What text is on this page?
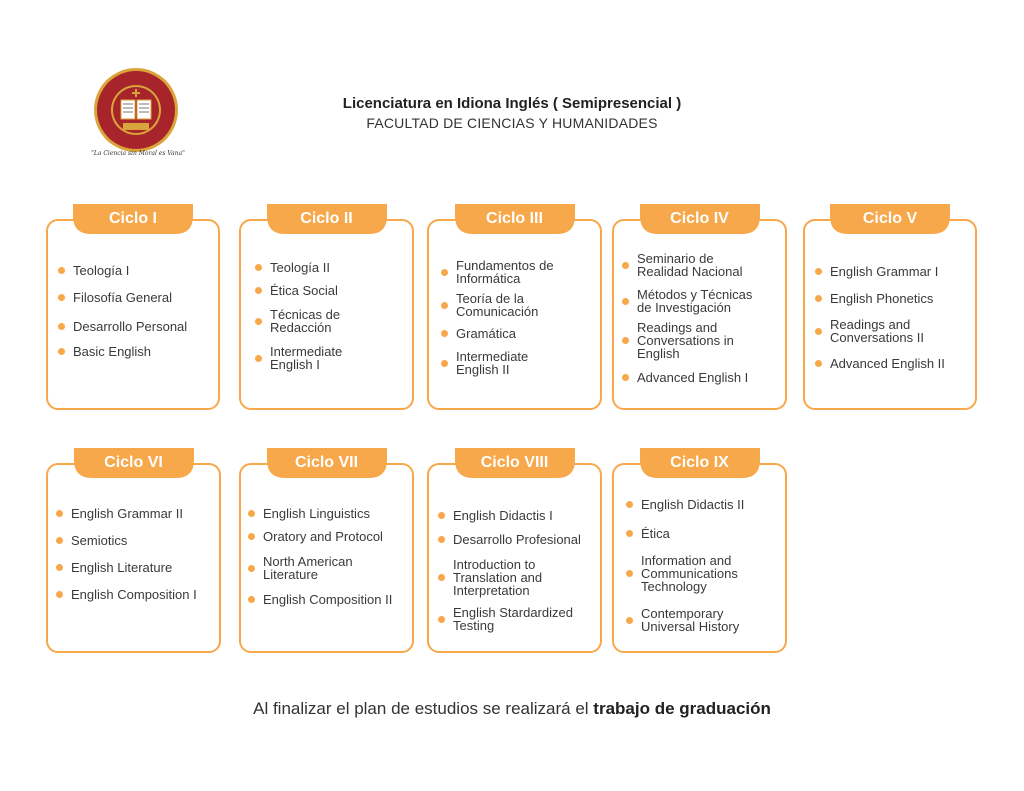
"La Ciencia sin Moral es Vana"
Licenciatura en Idiona Inglés ( Semipresencial )
FACULTAD DE CIENCIAS Y HUMANIDADES
Ciclo I
Teología I
Filosofía General
Desarrollo Personal
Basic English
Ciclo II
Teología II
Ética Social
Técnicas de
Redacción
Intermediate
English I
Ciclo III
Fundamentos de
Informática
Teoría de la
Comunicación
Gramática
Intermediate
English II
Ciclo IV
Seminario de
Realidad Nacional
Métodos y Técnicas
de Investigación
Readings and
Conversations in
English
Advanced English I
Ciclo V
English Grammar I
English Phonetics
Readings and
Conversations II
Advanced English II
Ciclo VI
English Grammar II
Semiotics
English Literature
English Composition I
Ciclo VII
English Linguistics
Oratory and Protocol
North American
Literature
English Composition II
Ciclo VIII
English Didactis I
Desarrollo Profesional
Introduction to
Translation and
Interpretation
English Stardardized
Testing
Ciclo IX
English Didactis II
Ética
Information and
Communications
Technology
Contemporary
Universal History
Al finalizar el plan de estudios se realizará el trabajo de graduación
